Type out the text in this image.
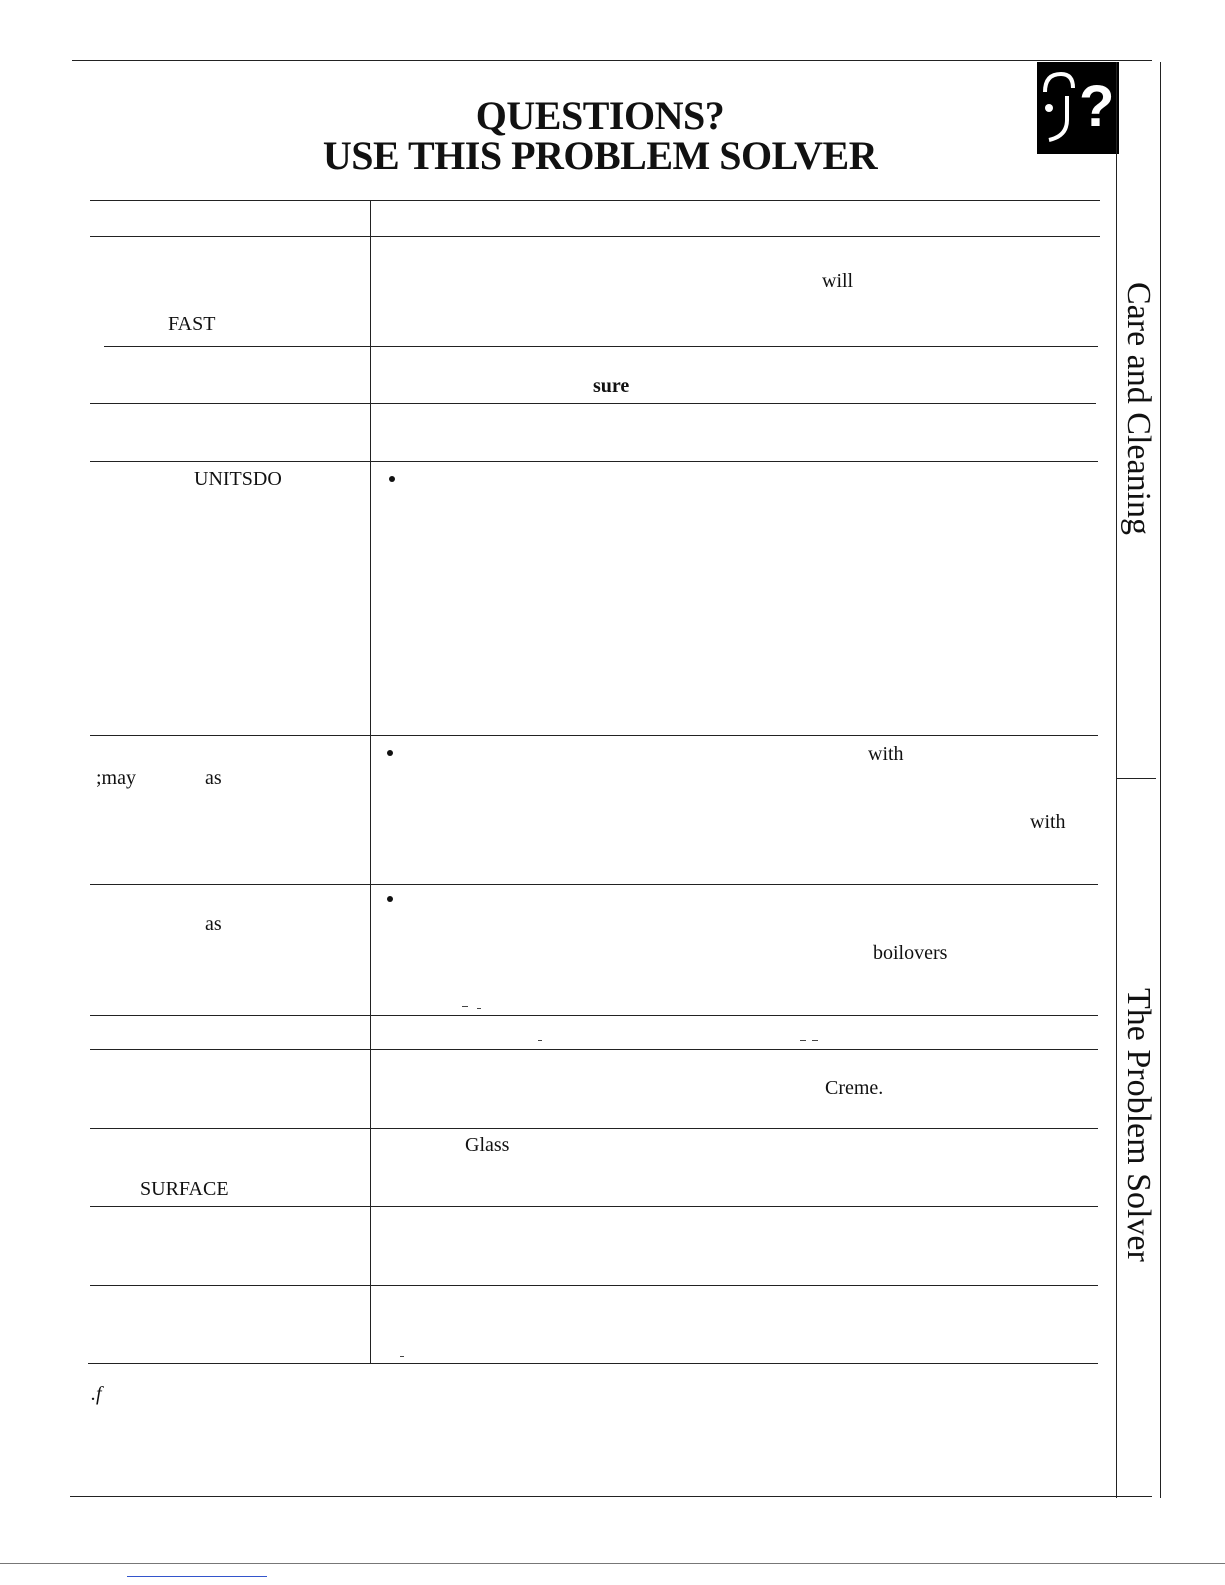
?
QUESTIONS?
USE THIS PROBLEM SOLVER
Care and Cleaning
The Problem Solver
will
FAST
sure
UNITSDO
with
;may	as
with
as
boilovers
Creme.
Glass
SURFACE
.f
